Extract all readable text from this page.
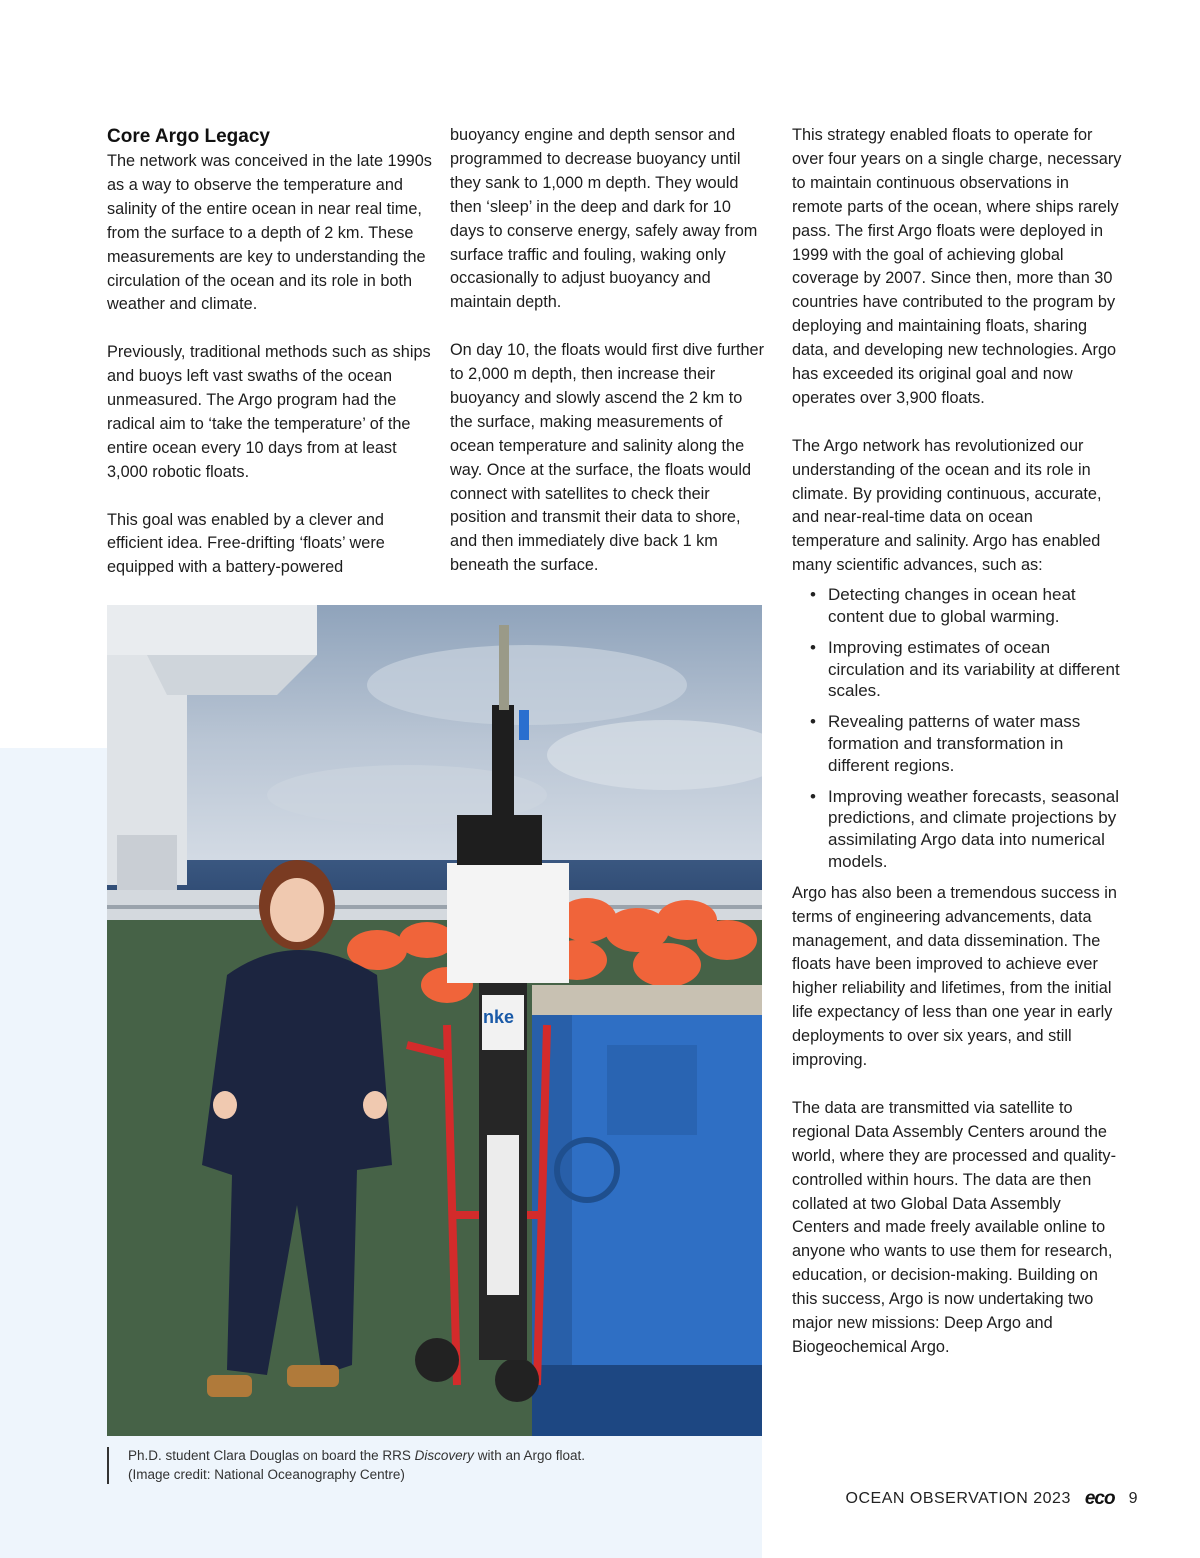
Core Argo Legacy

The network was conceived in the late 1990s as a way to observe the temperature and salinity of the entire ocean in near real time, from the surface to a depth of 2 km. These measurements are key to understanding the circulation of the ocean and its role in both weather and climate.

Previously, traditional methods such as ships and buoys left vast swaths of the ocean unmeasured. The Argo program had the radical aim to ‘take the temperature’ of the entire ocean every 10 days from at least 3,000 robotic floats.

This goal was enabled by a clever and efficient idea. Free-drifting ‘floats’ were equipped with a battery-powered

buoyancy engine and depth sensor and programmed to decrease buoyancy until they sank to 1,000 m depth. They would then ‘sleep’ in the deep and dark for 10 days to conserve energy, safely away from surface traffic and fouling, waking only occasionally to adjust buoyancy and maintain depth.

On day 10, the floats would first dive further to 2,000 m depth, then increase their buoyancy and slowly ascend the 2 km to the surface, making measurements of ocean temperature and salinity along the way. Once at the surface, the floats would connect with satellites to check their position and transmit their data to shore, and then immediately dive back 1 km beneath the surface.

This strategy enabled floats to operate for over four years on a single charge, necessary to maintain continuous observations in remote parts of the ocean, where ships rarely pass. The first Argo floats were deployed in 1999 with the goal of achieving global coverage by 2007. Since then, more than 30 countries have contributed to the program by deploying and maintaining floats, sharing data, and developing new technologies. Argo has exceeded its original goal and now operates over 3,900 floats.

The Argo network has revolutionized our understanding of the ocean and its role in climate. By providing continuous, accurate, and near-real-time data on ocean temperature and salinity. Argo has enabled many scientific advances, such as:

• Detecting changes in ocean heat content due to global warming.
• Improving estimates of ocean circulation and its variability at different scales.
• Revealing patterns of water mass formation and transformation in different regions.
• Improving weather forecasts, seasonal predictions, and climate projections by assimilating Argo data into numerical models.

Argo has also been a tremendous success in terms of engineering advancements, data management, and data dissemination. The floats have been improved to achieve ever higher reliability and lifetimes, from the initial life expectancy of less than one year in early deployments to over six years, and still improving.

The data are transmitted via satellite to regional Data Assembly Centers around the world, where they are processed and quality-controlled within hours. The data are then collated at two Global Data Assembly Centers and made freely available online to anyone who wants to use them for research, education, or decision-making. Building on this success, Argo is now undertaking two major new missions: Deep Argo and Biogeochemical Argo.

nke
Ph.D. student Clara Douglas on board the RRS Discovery with an Argo float. (Image credit: National Oceanography Centre)
OCEAN OBSERVATION 2023 eco 9
